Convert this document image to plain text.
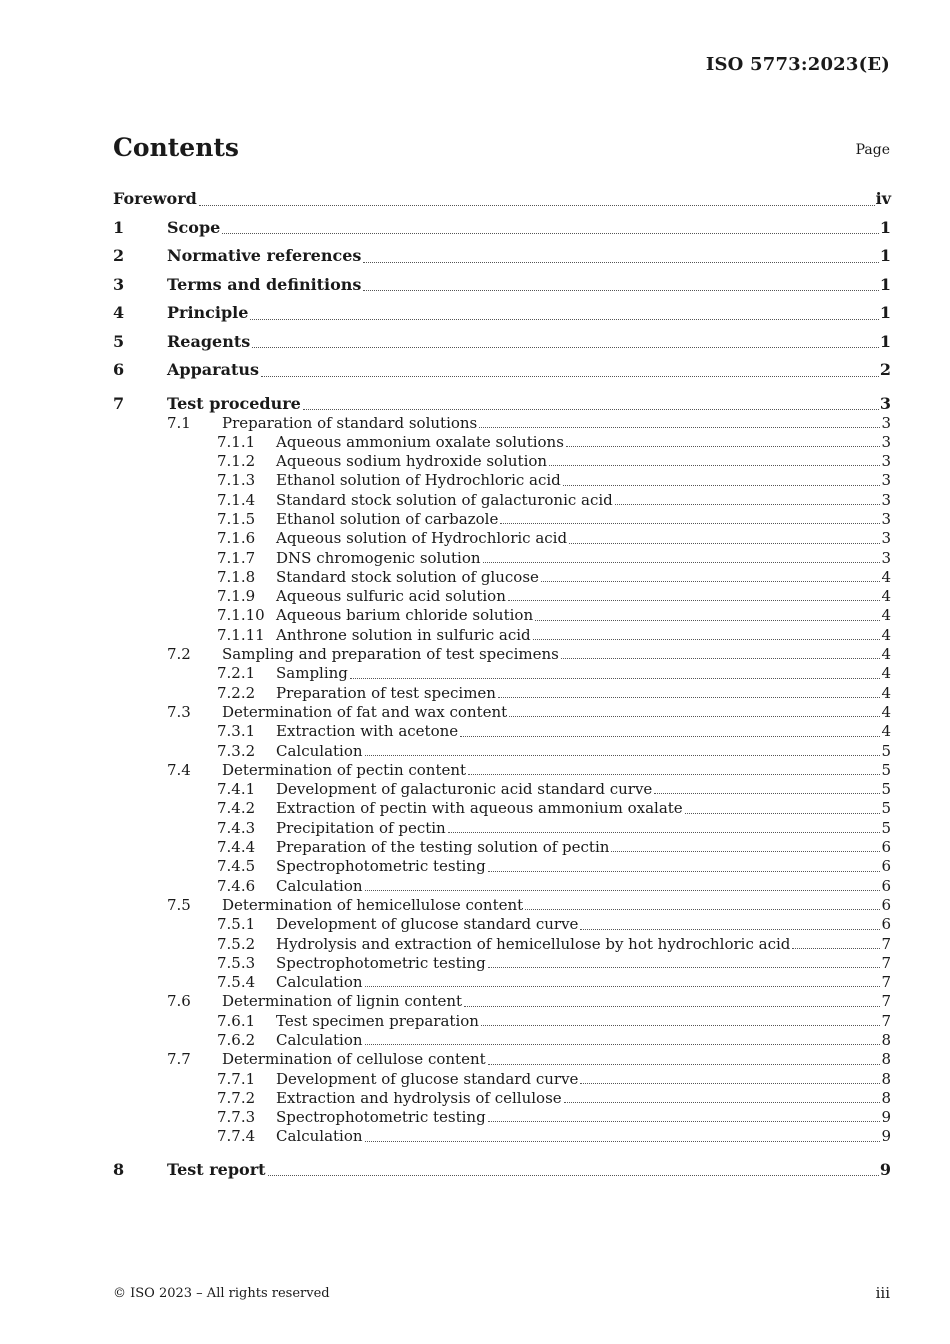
ISO 5773:2023(E)
Contents	Page
Foreword	iv
1	Scope	1
2	Normative references	1
3	Terms and definitions	1
4	Principle	1
5	Reagents	1
6	Apparatus	2
7	Test procedure	3
7.1	Preparation of standard solutions	3
7.1.1	Aqueous ammonium oxalate solutions	3
7.1.2	Aqueous sodium hydroxide solution	3
7.1.3	Ethanol solution of Hydrochloric acid	3
7.1.4	Standard stock solution of galacturonic acid	3
7.1.5	Ethanol solution of carbazole	3
7.1.6	Aqueous solution of Hydrochloric acid	3
7.1.7	DNS chromogenic solution	3
7.1.8	Standard stock solution of glucose	4
7.1.9	Aqueous sulfuric acid solution	4
7.1.10 Aqueous barium chloride solution	4
7.1.11 Anthrone solution in sulfuric acid	4
7.2	Sampling and preparation of test specimens	4
7.2.1	Sampling	4
7.2.2	Preparation of test specimen	4
7.3	Determination of fat and wax content	4
7.3.1	Extraction with acetone	4
7.3.2	Calculation	5
7.4	Determination of pectin content	5
7.4.1	Development of galacturonic acid standard curve	5
7.4.2	Extraction of pectin with aqueous ammonium oxalate	5
7.4.3	Precipitation of pectin	5
7.4.4	Preparation of the testing solution of pectin	6
7.4.5	Spectrophotometric testing	6
7.4.6	Calculation	6
7.5	Determination of hemicellulose content	6
7.5.1	Development of glucose standard curve	6
7.5.2	Hydrolysis and extraction of hemicellulose by hot hydrochloric acid	7
7.5.3	Spectrophotometric testing	7
7.5.4	Calculation	7
7.6	Determination of lignin content	7
7.6.1	Test specimen preparation	7
7.6.2	Calculation	8
7.7	Determination of cellulose content	8
7.7.1	Development of glucose standard curve	8
7.7.2	Extraction and hydrolysis of cellulose	8
7.7.3	Spectrophotometric testing	9
7.7.4	Calculation	9
8	Test report	9
© ISO 2023 – All rights reserved	iii
